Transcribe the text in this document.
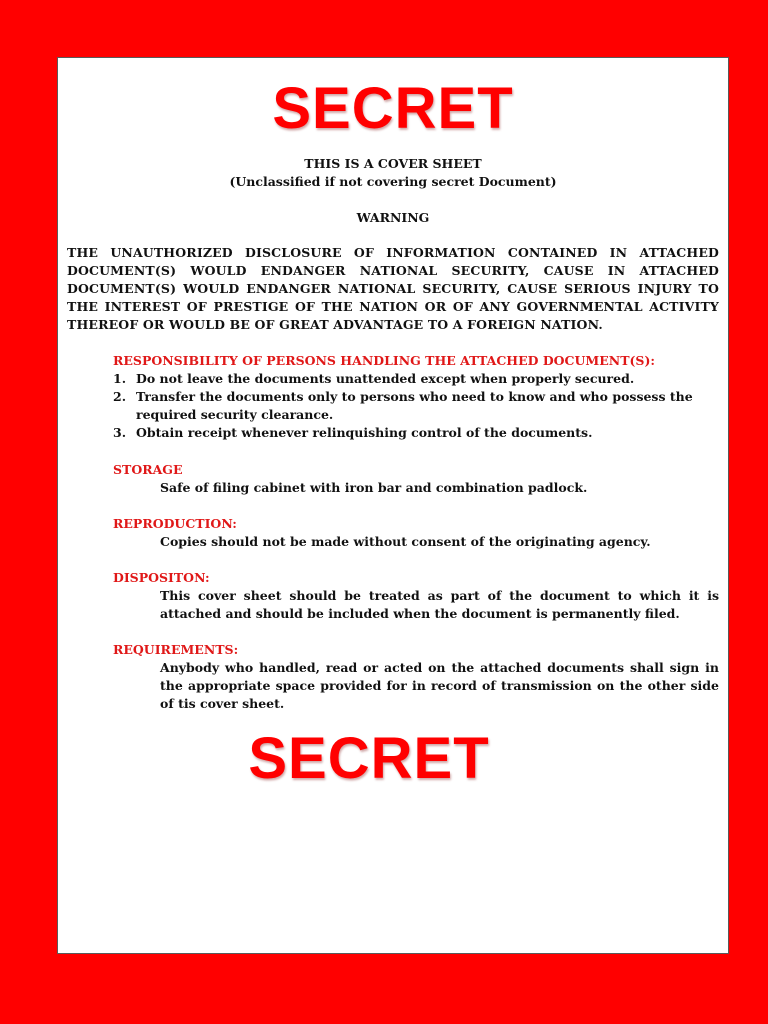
SECRET
THIS IS A COVER SHEET
(Unclassified if not covering secret Document)
WARNING
THE UNAUTHORIZED DISCLOSURE OF INFORMATION CONTAINED IN ATTACHED DOCUMENT(S) WOULD ENDANGER NATIONAL SECURITY, CAUSE IN ATTACHED DOCUMENT(S) WOULD ENDANGER NATIONAL SECURITY, CAUSE SERIOUS INJURY TO THE INTEREST OF PRESTIGE OF THE NATION OR OF ANY GOVERNMENTAL ACTIVITY THEREOF OR WOULD BE OF GREAT ADVANTAGE TO A FOREIGN NATION.
RESPONSIBILITY OF PERSONS HANDLING THE ATTACHED DOCUMENT(S):
1. Do not leave the documents unattended except when properly secured.
2. Transfer the documents only to persons who need to know and who possess the required security clearance.
3. Obtain receipt whenever relinquishing control of the documents.
STORAGE
Safe of filing cabinet with iron bar and combination padlock.
REPRODUCTION:
Copies should not be made without consent of the originating agency.
DISPOSITON:
This cover sheet should be treated as part of the document to which it is attached and should be included when the document is permanently filed.
REQUIREMENTS:
Anybody who handled, read or acted on the attached documents shall sign in the appropriate space provided for in record of transmission on the other side of tis cover sheet.
SECRET
